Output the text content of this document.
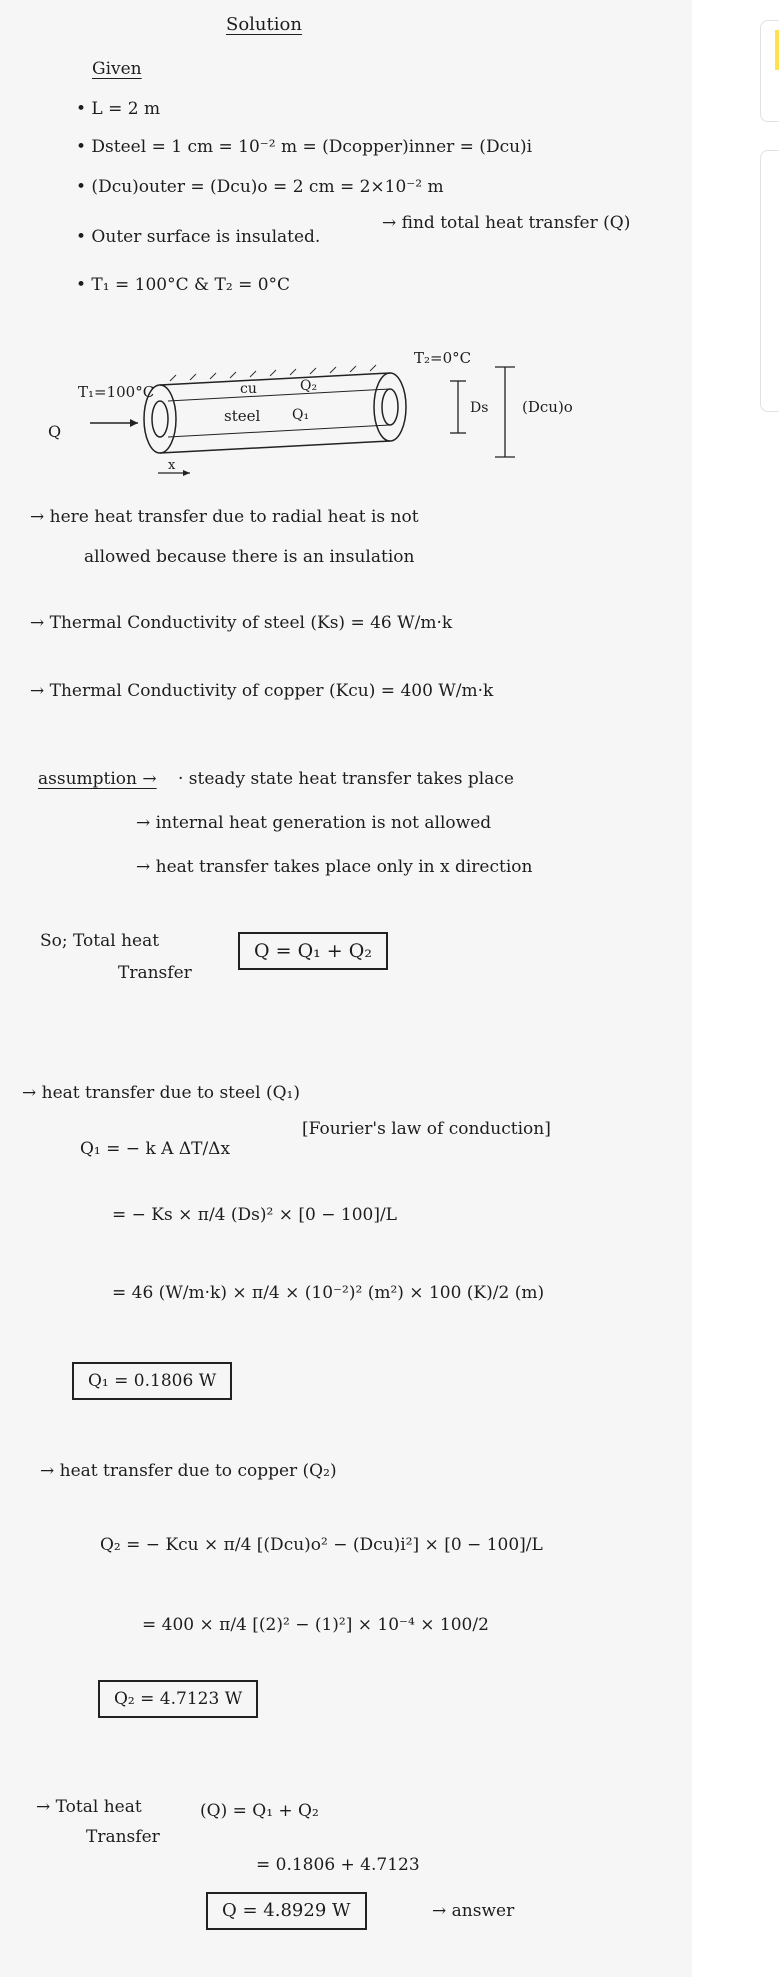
Solution
Given
• L = 2 m
• Dsteel = 1 cm = 10⁻² m = (Dcopper)inner = (Dcu)i
• (Dcu)outer = (Dcu)o = 2 cm = 2×10⁻² m
• Outer surface is insulated.
→ find total heat transfer (Q)
• T₁ = 100°C & T₂ = 0°C
T₁=100°C
T₂=0°C
cu	Q₂
steel Q₁
Q
Ds (Dcu)o
x
→ here heat transfer due to radial heat is not
allowed because there is an insulation
→ Thermal Conductivity of steel (Ks) = 46 W/m·k
→ Thermal Conductivity of copper (Kcu) = 400 W/m·k
assumption → · steady state heat transfer takes place
→ internal heat generation is not allowed
→ heat transfer takes place only in x direction
So; Total heat
Transfer
Q = Q₁ + Q₂
→ heat transfer due to steel (Q₁)
[Fourier's law of conduction]
Q₁ = − k A ΔT/Δx
= − Ks × π/4 (Ds)² × [0 − 100]/L
= 46 (W/m·k) × π/4 × (10⁻²)² (m²) × 100 (K)/2 (m)
Q₁ = 0.1806 W
→ heat transfer due to copper (Q₂)
Q₂ = − Kcu × π/4 [(Dcu)o² − (Dcu)i²] × [0 − 100]/L
= 400 × π/4 [(2)² − (1)²] × 10⁻⁴ × 100/2
Q₂ = 4.7123 W
→ Total heat
Transfer
(Q) = Q₁ + Q₂
= 0.1806 + 4.7123
Q = 4.8929 W	→ answer
